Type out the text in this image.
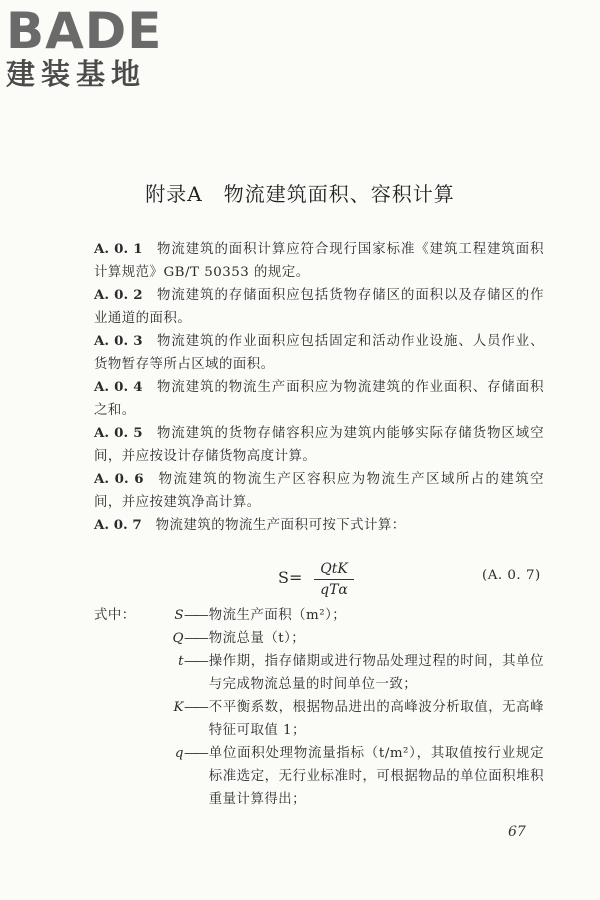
BADE
建装基地
附录A　物流建筑面积、容积计算
A. 0. 1 物流建筑的面积计算应符合现行国家标准《建筑工程建筑面积计算规范》GB/T 50353 的规定。
A. 0. 2 物流建筑的存储面积应包括货物存储区的面积以及存储区的作业通道的面积。
A. 0. 3 物流建筑的作业面积应包括固定和活动作业设施、人员作业、货物暂存等所占区域的面积。
A. 0. 4 物流建筑的物流生产面积应为物流建筑的作业面积、存储面积之和。
A. 0. 5 物流建筑的货物存储容积应为建筑内能够实际存储货物区域空间，并应按设计存储货物高度计算。
A. 0. 6 物流建筑的物流生产区容积应为物流生产区域所占的建筑空间，并应按建筑净高计算。
A. 0. 7 物流建筑的物流生产面积可按下式计算：
S=	QtK
qTα
(A. 0. 7)
式中：	S —— 物流生产面积（m²）；
Q —— 物流总量（t）；
t —— 操作期，指存储期或进行物品处理过程的时间，其单位与完成物流总量的时间单位一致；
K —— 不平衡系数，根据物品进出的高峰波分析取值，无高峰特征可取值 1；
q —— 单位面积处理物流量指标（t/m²），其取值按行业规定标准选定，无行业标准时，可根据物品的单位面积堆积重量计算得出；
67
